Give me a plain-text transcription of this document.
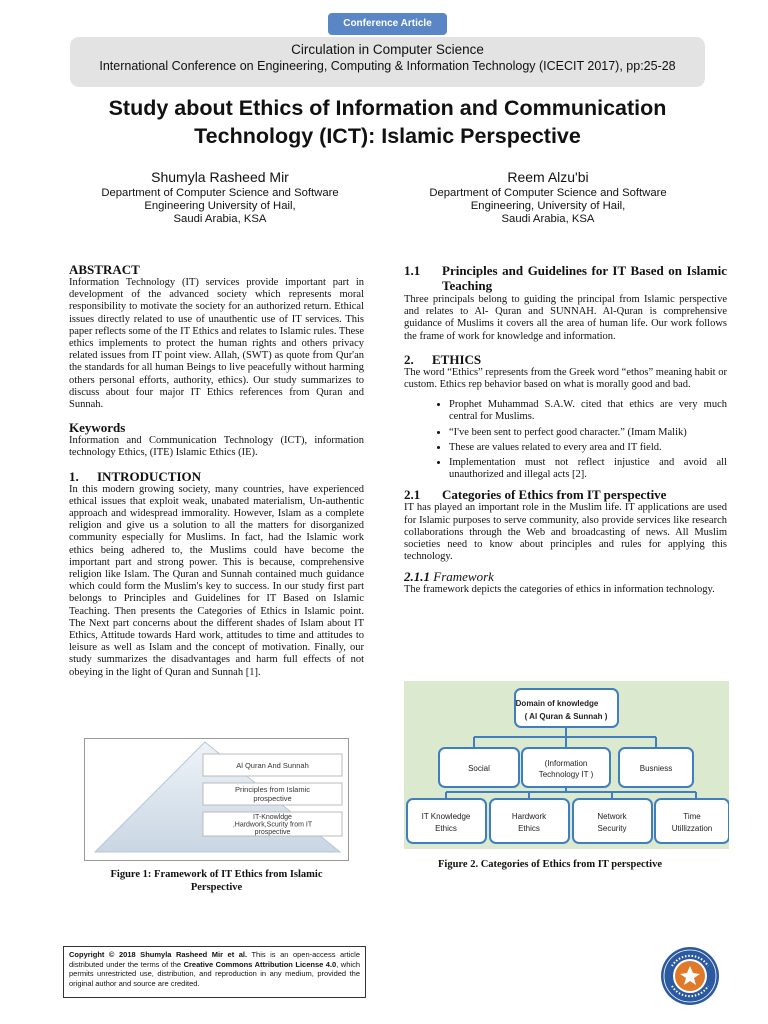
Conference Article
Circulation in Computer Science
International Conference on Engineering, Computing & Information Technology (ICECIT 2017), pp:25-28
Study about Ethics of Information and Communication
Technology (ICT): Islamic Perspective
Shumyla Rasheed Mir
Department of Computer Science and Software
Engineering University of Hail,
Saudi Arabia, KSA
Reem Alzu'bi
Department of Computer Science and Software
Engineering, University of Hail,
Saudi Arabia, KSA
ABSTRACT
Information Technology (IT) services provide important part in development of the advanced society which represents moral responsibility to motivate the society for an authorized return. Ethical issues directly related to use of unauthentic use of IT services. This paper reflects some of the IT Ethics and relates to Islamic rules. These ethics implements to protect the human rights and others privacy related issues from IT point view. Allah, (SWT) as quote from Qur'an the standards for all human Beings to live peacefully without harming others personal efforts, authority, ethics). Our study summarizes to discuss about four major IT Ethics references from Quran and Sunnah.
Keywords
Information and Communication Technology (ICT), information technology Ethics, (ITE) Islamic Ethics (IE).
1. INTRODUCTION
In this modern growing society, many countries, have experienced ethical issues that exploit weak, unabated materialism, Un-authentic approach and widespread immorality. However, Islam as a complete religion and give us a solution to all the matters for disorganized community especially for Muslims. In fact, had the Islamic work ethics being adhered to, the Muslims could have become the important part and strong power. This is because, comprehensive religion like Islam. The Quran and Sunnah contained much guidance which could form the Muslim's key to success. In our study first part belongs to Principles and Guidelines for IT Based on Islamic Teaching. Then presents the Categories of Ethics in Islamic point. The Next part concerns about the different shades of Islam about IT Ethics, Attitude towards Hard work, attitudes to time and attitudes to leisure as well as Islam and the concept of motivation. Finally, our study summarizes the disadvantages and harm full effects of not obeying in the light of Quran and Sunnah [1].
Al Quran And Sunnah
Principles from Islamic
prospective
IT-Knowldge
,Hardwork,Scurity from IT
prospective
Figure 1: Framework of IT Ethics from Islamic
Perspective
1.1	Principles and Guidelines for IT Based on Islamic Teaching
Three principals belong to guiding the principal from Islamic perspective and relates to Al- Quran and SUNNAH. Al-Quran is comprehensive guidance of Muslims it covers all the area of human life. Our work follows the frame of work for knowledge and information.
2. ETHICS
The word “Ethics” represents from the Greek word “ethos” meaning habit or custom. Ethics rep behavior based on what is morally good and bad.
• Prophet Muhammad S.A.W. cited that ethics are very much central for Muslims.
• “I've been sent to perfect good character.” (Imam Malik)
• These are values related to every area and IT field.
• Implementation must not reflect injustice and avoid all unauthorized and illegal acts [2].
2.1	Categories of Ethics from IT perspective
IT has played an important role in the Muslim life. IT applications are used for Islamic purposes to serve community, also provide services like research collaborations through the Web and broadcasting of news. All Muslim societies need to know about principles and rules for applying this technology.
2.1.1 Framework
The framework depicts the categories of ethics in information technology.
Domain of knowledge
( Al Quran & Sunnah )
Social
(Information
Technology IT )
Busniess
IT Knowledge
Ethics
Hardwork
Ethics
Network
Security
Time
Utillizzation
Figure 2. Categories of Ethics from IT perspective
Copyright © 2018 Shumyla Rasheed Mir et al. This is an open-access article distributed under the terms of the Creative Commons Attribution License 4.0, which permits unrestricted use, distribution, and reproduction in any medium, provided the original author and source are credited.
